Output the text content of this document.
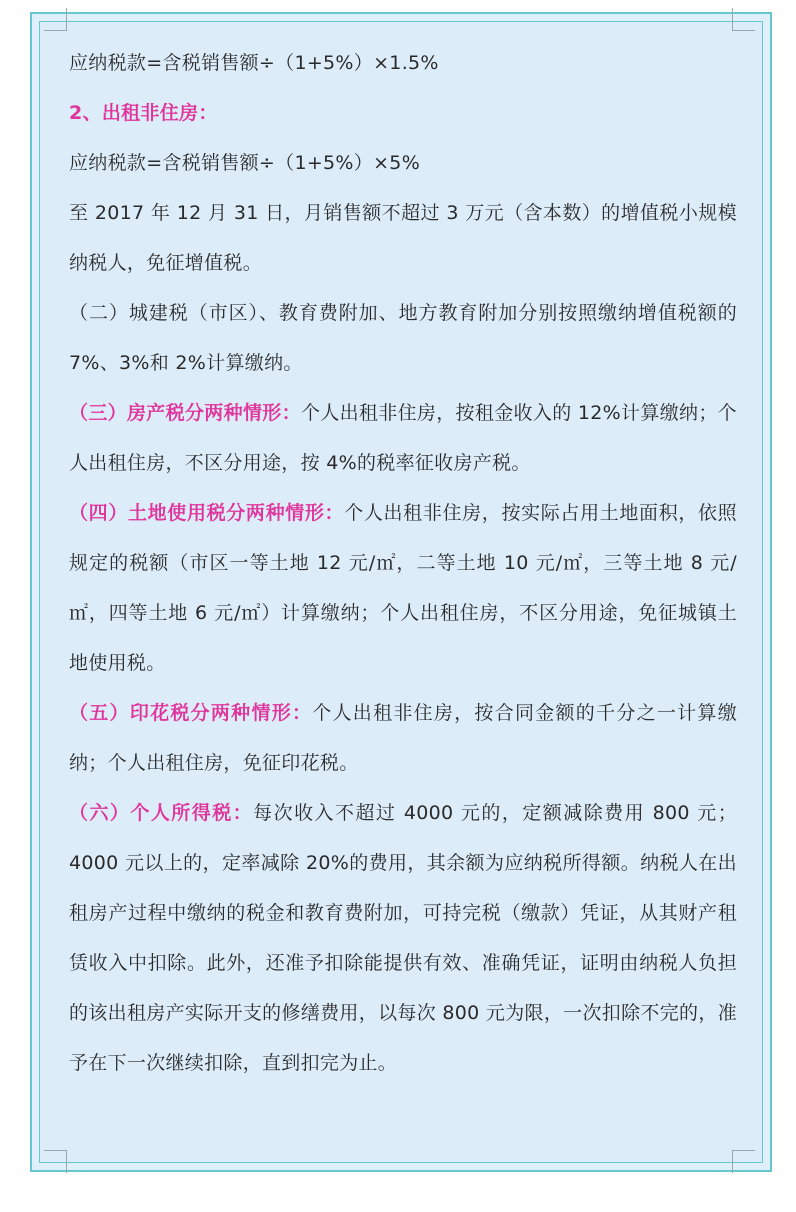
应纳税款=含税销售额÷（1+5%）×1.5%

2、出租非住房：

应纳税款=含税销售额÷（1+5%）×5%

至 2017 年 12 月 31 日，月销售额不超过 3 万元（含本数）的增值税小规模纳税人，免征增值税。

（二）城建税（市区）、教育费附加、地方教育附加分别按照缴纳增值税额的 7%、3%和 2%计算缴纳。

（三）房产税分两种情形：个人出租非住房，按租金收入的 12%计算缴纳；个人出租住房，不区分用途，按 4%的税率征收房产税。

（四）土地使用税分两种情形：个人出租非住房，按实际占用土地面积，依照规定的税额（市区一等土地 12 元/㎡，二等土地 10 元/㎡，三等土地 8 元/㎡，四等土地 6 元/㎡）计算缴纳；个人出租住房，不区分用途，免征城镇土地使用税。

（五）印花税分两种情形：个人出租非住房，按合同金额的千分之一计算缴纳；个人出租住房，免征印花税。

（六）个人所得税：每次收入不超过 4000 元的，定额减除费用 800 元；4000 元以上的，定率减除 20%的费用，其余额为应纳税所得额。纳税人在出租房产过程中缴纳的税金和教育费附加，可持完税（缴款）凭证，从其财产租赁收入中扣除。此外，还准予扣除能提供有效、准确凭证，证明由纳税人负担的该出租房产实际开支的修缮费用，以每次 800 元为限，一次扣除不完的，准予在下一次继续扣除，直到扣完为止。
